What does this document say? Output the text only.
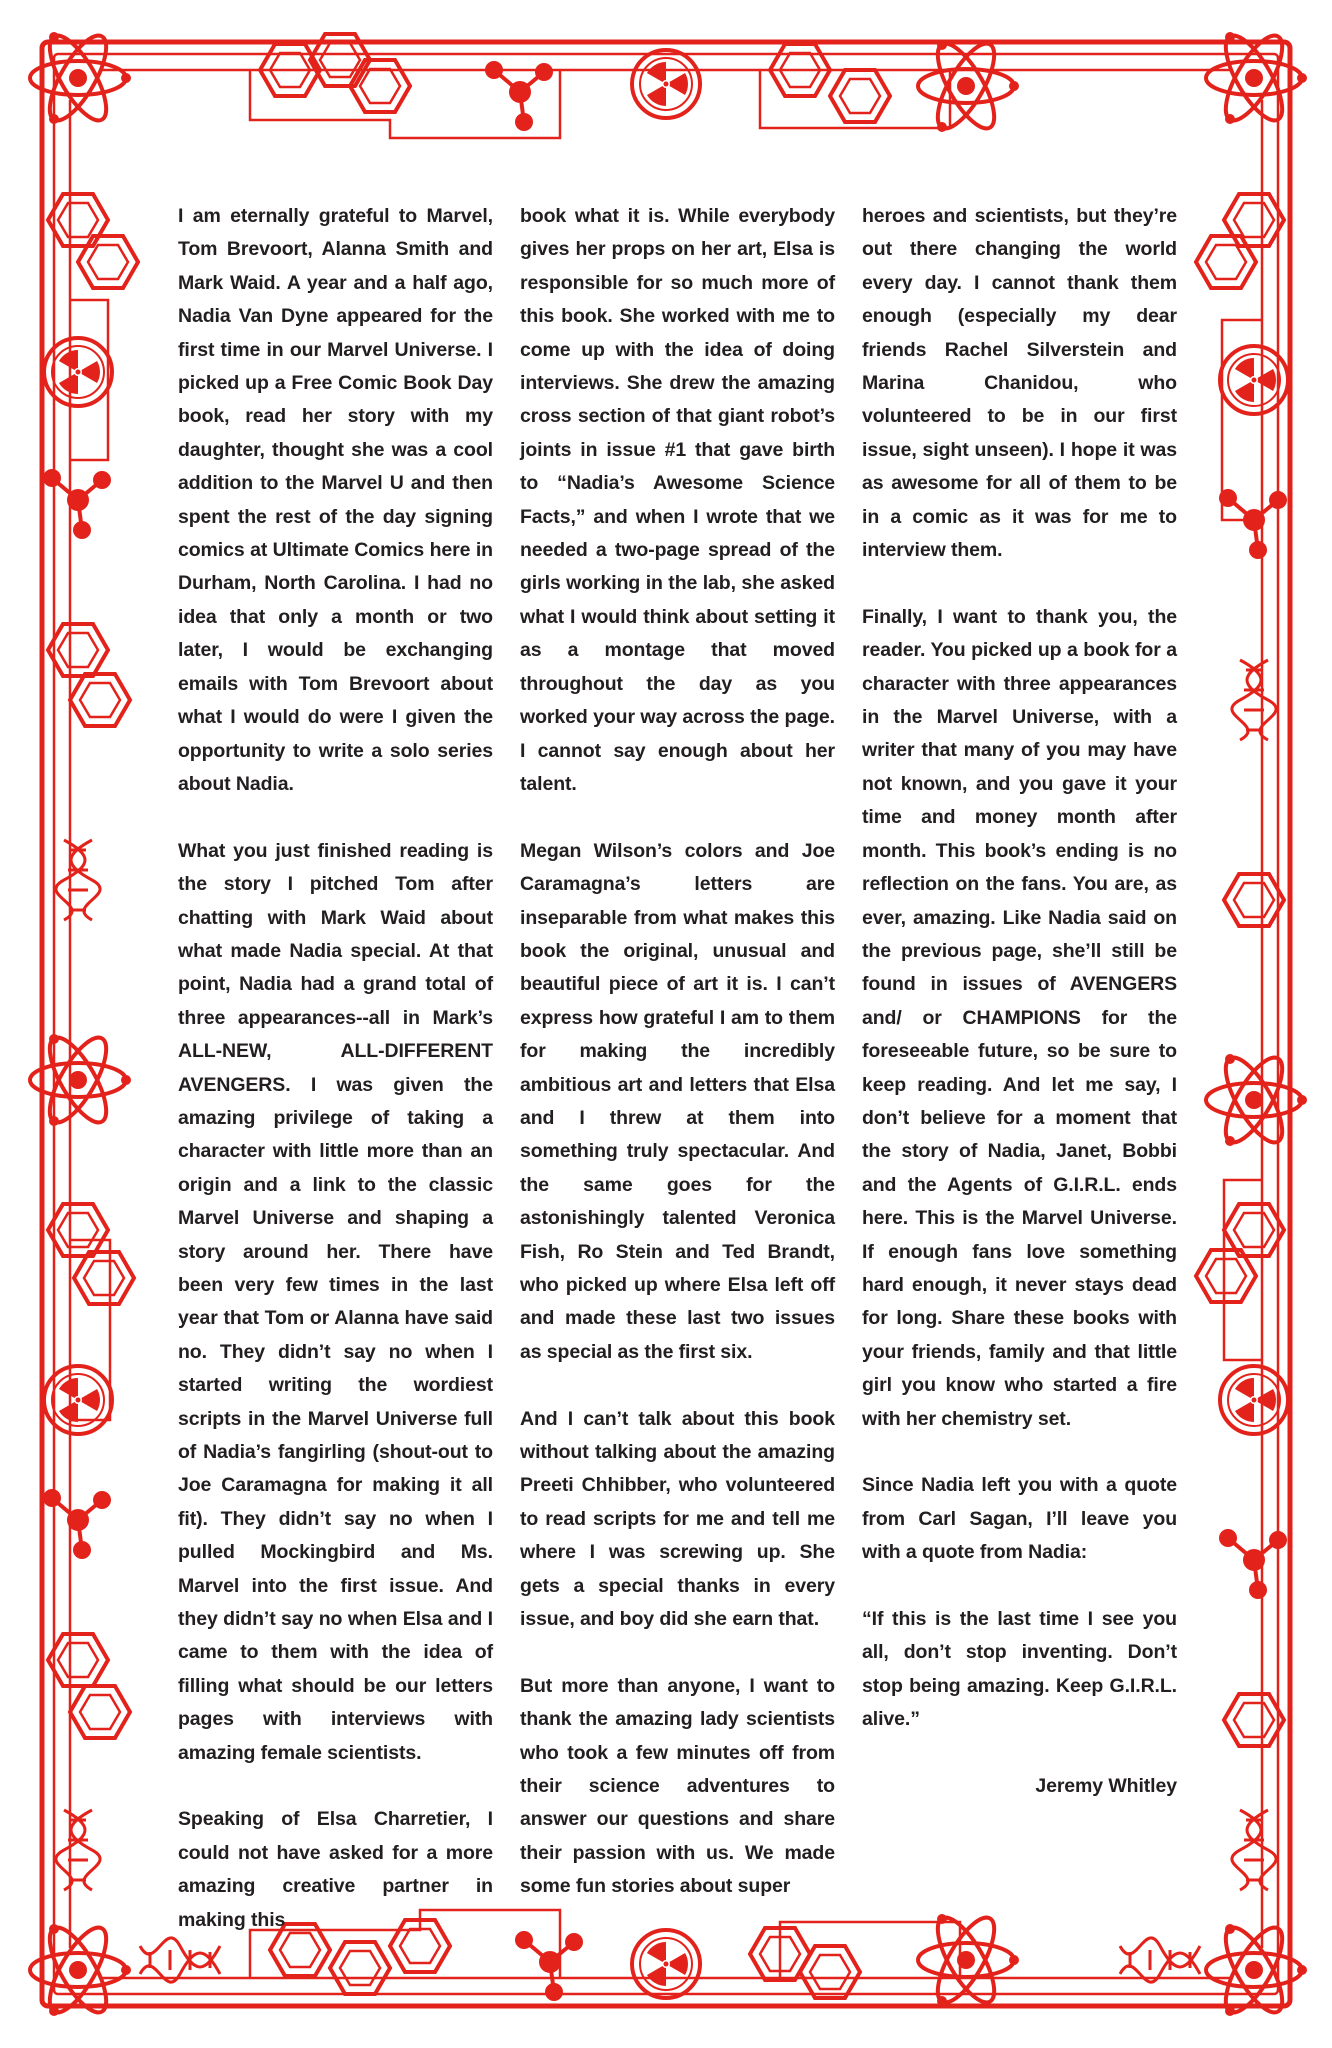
I am eternally grateful to Marvel, Tom Brevoort, Alanna Smith and Mark Waid. A year and a half ago, Nadia Van Dyne appeared for the first time in our Marvel Universe. I picked up a Free Comic Book Day book, read her story with my daughter, thought she was a cool addition to the Marvel U and then spent the rest of the day signing comics at Ultimate Comics here in Durham, North Carolina. I had no idea that only a month or two later, I would be exchanging emails with Tom Brevoort about what I would do were I given the opportunity to write a solo series about Nadia.

What you just finished reading is the story I pitched Tom after chatting with Mark Waid about what made Nadia special. At that point, Nadia had a grand total of three appearances--all in Mark’s ALL-NEW, ALL-DIFFERENT AVENGERS. I was given the amazing privilege of taking a character with little more than an origin and a link to the classic Marvel Universe and shaping a story around her. There have been very few times in the last year that Tom or Alanna have said no. They didn’t say no when I started writing the wordiest scripts in the Marvel Universe full of Nadia’s fangirling (shout-out to Joe Caramagna for making it all fit). They didn’t say no when I pulled Mockingbird and Ms. Marvel into the first issue. And they didn’t say no when Elsa and I came to them with the idea of filling what should be our letters pages with interviews with amazing female scientists.

Speaking of Elsa Charretier, I could not have asked for a more amazing creative partner in making this

book what it is. While everybody gives her props on her art, Elsa is responsible for so much more of this book. She worked with me to come up with the idea of doing interviews. She drew the amazing cross section of that giant robot’s joints in issue #1 that gave birth to “Nadia’s Awesome Science Facts,” and when I wrote that we needed a two-page spread of the girls working in the lab, she asked what I would think about setting it as a montage that moved throughout the day as you worked your way across the page. I cannot say enough about her talent.

Megan Wilson’s colors and Joe Caramagna’s letters are inseparable from what makes this book the original, unusual and beautiful piece of art it is. I can’t express how grateful I am to them for making the incredibly ambitious art and letters that Elsa and I threw at them into something truly spectacular. And the same goes for the astonishingly talented Veronica Fish, Ro Stein and Ted Brandt, who picked up where Elsa left off and made these last two issues as special as the first six.

And I can’t talk about this book without talking about the amazing Preeti Chhibber, who volunteered to read scripts for me and tell me where I was screwing up. She gets a special thanks in every issue, and boy did she earn that.

But more than anyone, I want to thank the amazing lady scientists who took a few minutes off from their science adventures to answer our questions and share their passion with us. We made some fun stories about super

heroes and scientists, but they’re out there changing the world every day. I cannot thank them enough (especially my dear friends Rachel Silverstein and Marina Chanidou, who volunteered to be in our first issue, sight unseen). I hope it was as awesome for all of them to be in a comic as it was for me to interview them.

Finally, I want to thank you, the reader. You picked up a book for a character with three appearances in the Marvel Universe, with a writer that many of you may have not known, and you gave it your time and money month after month. This book’s ending is no reflection on the fans. You are, as ever, amazing. Like Nadia said on the previous page, she’ll still be found in issues of AVENGERS and/ or CHAMPIONS for the foreseeable future, so be sure to keep reading. And let me say, I don’t believe for a moment that the story of Nadia, Janet, Bobbi and the Agents of G.I.R.L. ends here. This is the Marvel Universe. If enough fans love something hard enough, it never stays dead for long. Share these books with your friends, family and that little girl you know who started a fire with her chemistry set.

Since Nadia left you with a quote from Carl Sagan, I’ll leave you with a quote from Nadia:

“If this is the last time I see you all, don’t stop inventing. Don’t stop being amazing. Keep G.I.R.L. alive.”

Jeremy Whitley
